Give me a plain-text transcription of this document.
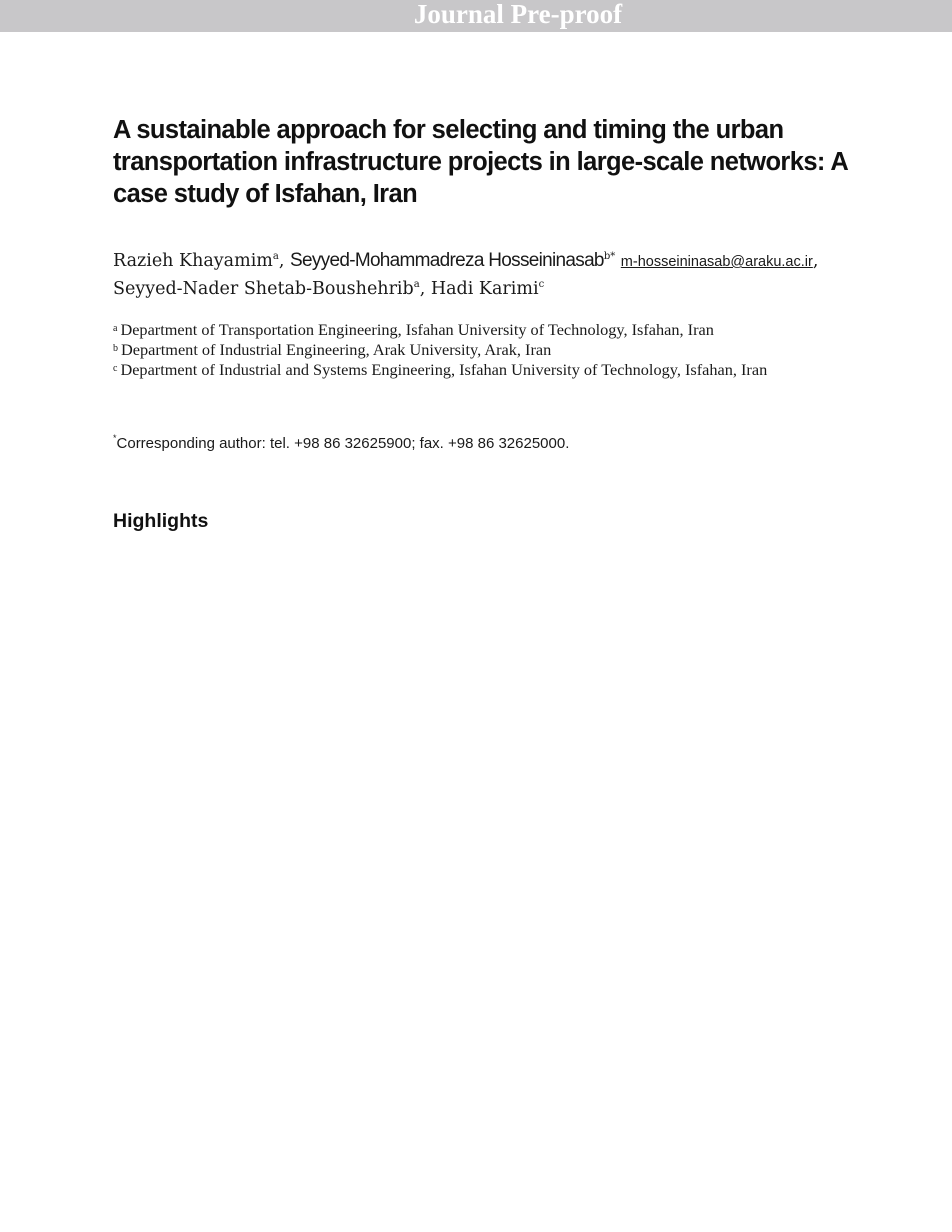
Journal Pre-proof
A sustainable approach for selecting and timing the urban transportation infrastructure projects in large-scale networks: A case study of Isfahan, Iran
Razieh Khayamim$^a$, Seyyed-Mohammadreza Hosseininasab$^{b*}$ m-hosseininasab@araku.ac.ir, Seyyed-Nader Shetab-Boushehrib$^a$, Hadi Karimi$^c$
$^a$ Department of Transportation Engineering, Isfahan University of Technology, Isfahan, Iran
$^b$ Department of Industrial Engineering, Arak University, Arak, Iran
$^c$ Department of Industrial and Systems Engineering, Isfahan University of Technology, Isfahan, Iran
*Corresponding author: tel. +98 86 32625900; fax. +98 86 32625000.
Highlights
